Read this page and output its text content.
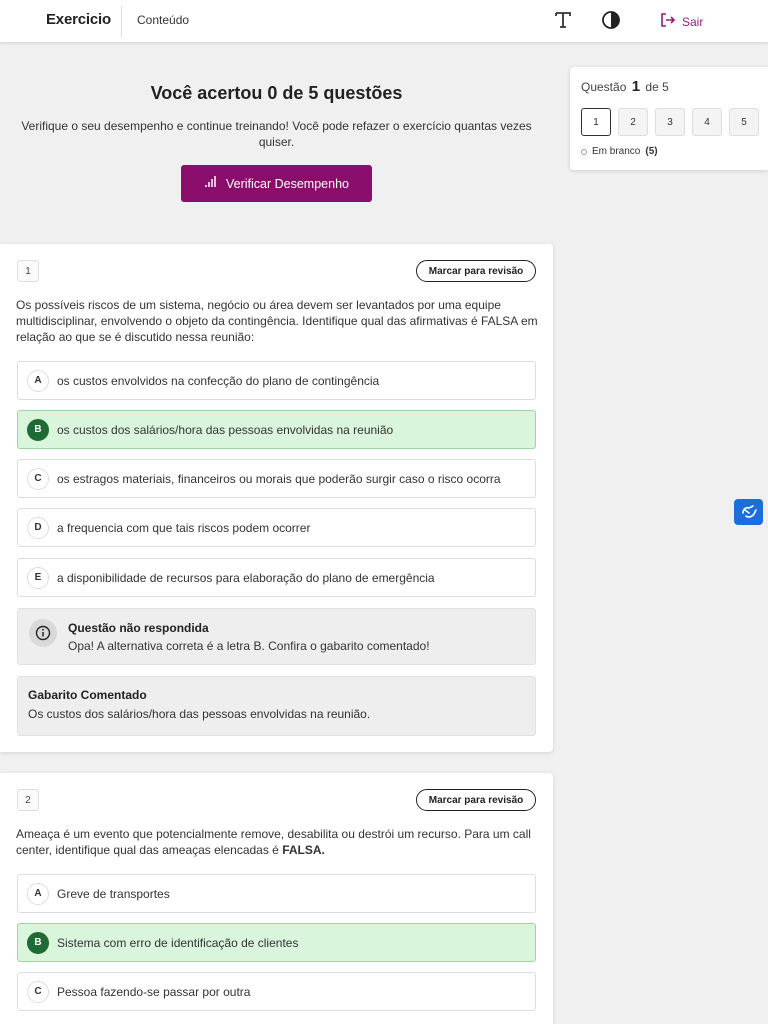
Exercicio Conteúdo	Sair
Você acertou 0 de 5 questões

Verifique o seu desempenho e continue treinando! Você pode refazer o exercício quantas vezes quiser.

Verificar Desempenho
Questão 1 de 5
1	2	3	4	5
Em branco (5)
1	Marcar para revisão

Os possíveis riscos de um sistema, negócio ou área devem ser levantados por uma equipe multidisciplinar, envolvendo o objeto da contingência. Identifique qual das afirmativas é FALSA em relação ao que se é discutido nessa reunião:

A	os custos envolvidos na confecção do plano de contingência
B	os custos dos salários/hora das pessoas envolvidas na reunião
C	os estragos materiais, financeiros ou morais que poderão surgir caso o risco ocorra
D	a frequencia com que tais riscos podem ocorrer
E	a disponibilidade de recursos para elaboração do plano de emergência
Questão não respondida
Opa! A alternativa correta é a letra B. Confira o gabarito comentado!
Gabarito Comentado
Os custos dos salários/hora das pessoas envolvidas na reunião.
2	Marcar para revisão

Ameaça é um evento que potencialmente remove, desabilita ou destrói um recurso. Para um call center, identifique qual das ameaças elencadas é FALSA.

A	Greve de transportes
B	Sistema com erro de identificação de clientes
C	Pessoa fazendo-se passar por outra
